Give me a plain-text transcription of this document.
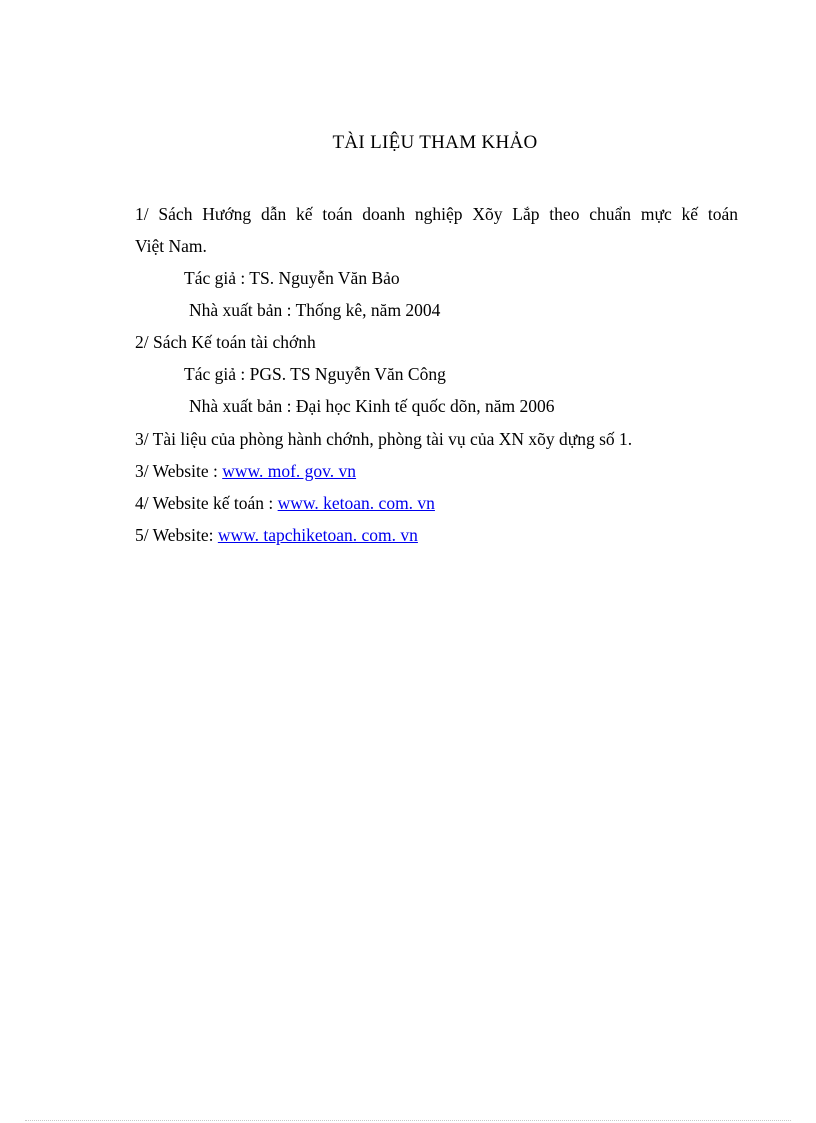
TÀI LIỆU THAM KHẢO
1/ Sách Hướng dẫn kế toán doanh nghiệp Xõy Lắp theo chuẩn mực kế toán
Việt Nam.
Tác giả : TS. Nguyễn Văn Bảo
Nhà xuất bản : Thống kê, năm 2004
2/ Sách Kế toán tài chớnh
Tác giả : PGS. TS Nguyễn Văn Công
Nhà xuất bản : Đại học Kinh tế quốc dõn, năm 2006
3/ Tài liệu của phòng hành chớnh, phòng tài vụ của XN xõy dựng số 1.
3/ Website : www. mof. gov. vn
4/ Website kế toán : www. ketoan. com. vn
5/ Website: www. tapchiketoan. com. vn
